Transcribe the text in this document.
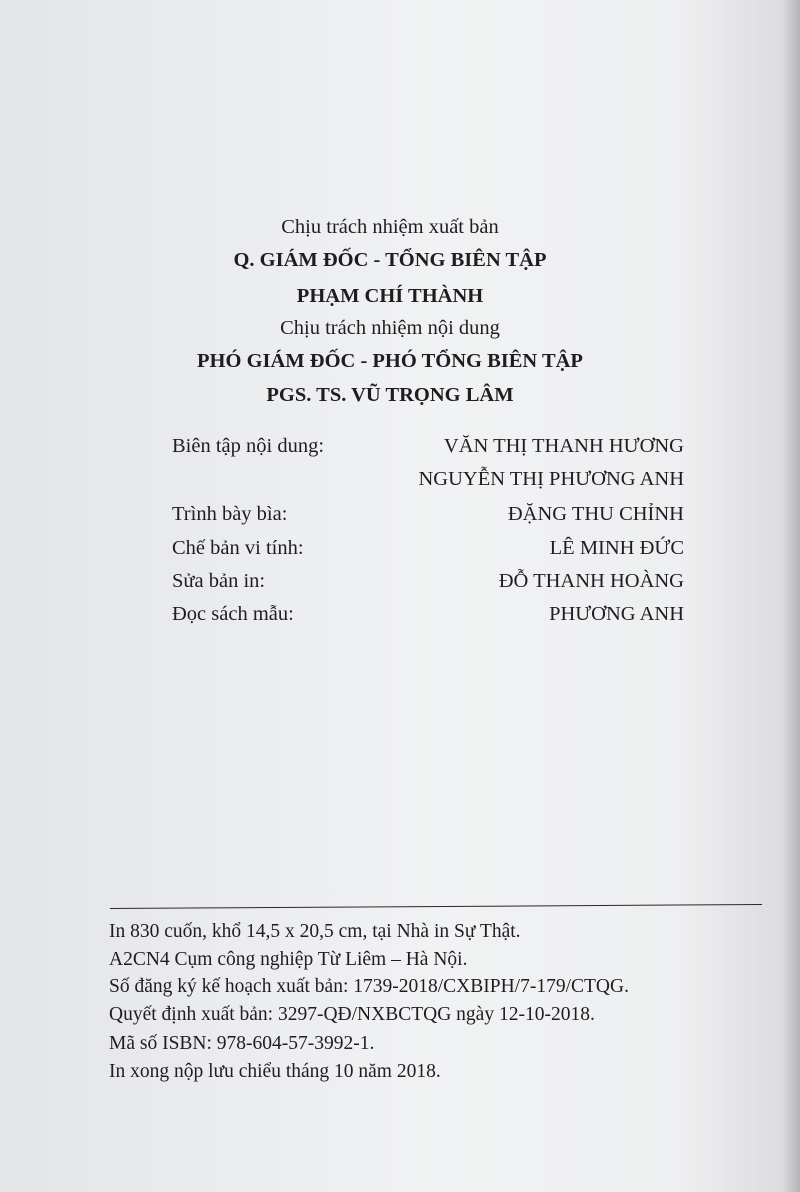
Chịu trách nhiệm xuất bản
Q. GIÁM ĐỐC - TỔNG BIÊN TẬP
PHẠM CHÍ THÀNH
Chịu trách nhiệm nội dung
PHÓ GIÁM ĐỐC - PHÓ TỔNG BIÊN TẬP
PGS. TS. VŨ TRỌNG LÂM
Biên tập nội dung:	VĂN THỊ THANH HƯƠNG
NGUYỄN THỊ PHƯƠNG ANH
Trình bày bìa:	ĐẶNG THU CHỈNH
Chế bản vi tính:	LÊ MINH ĐỨC
Sửa bản in:	ĐỖ THANH HOÀNG
Đọc sách mẫu:	PHƯƠNG ANH
In 830 cuốn, khổ 14,5 x 20,5 cm, tại Nhà in Sự Thật.
A2CN4 Cụm công nghiệp Từ Liêm – Hà Nội.
Số đăng ký kế hoạch xuất bản: 1739-2018/CXBIPH/7-179/CTQG.
Quyết định xuất bản: 3297-QĐ/NXBCTQG ngày 12-10-2018.
Mã số ISBN: 978-604-57-3992-1.
In xong nộp lưu chiểu tháng 10 năm 2018.
